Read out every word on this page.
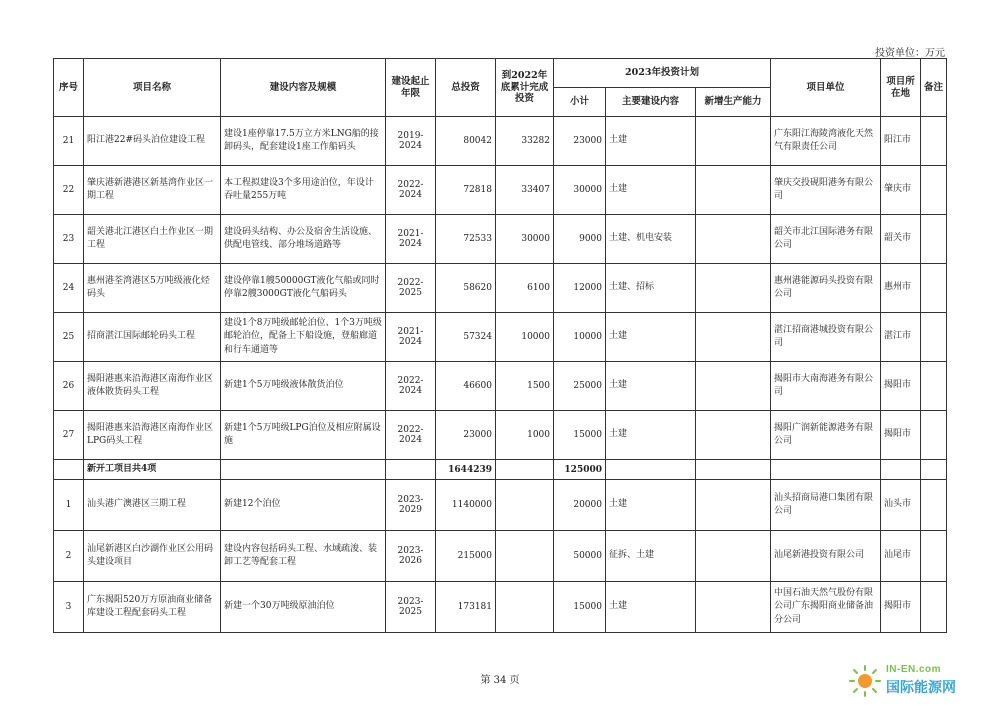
投资单位：万元
序号	项目名称	建设内容及规模	建设起止年限	总投资	到2022年底累计完成投资	2023年投资计划			项目单位	项目所在地	备注
						小计	主要建设内容	新增生产能力			
21	阳江港22#码头泊位建设工程	建设1座停靠17.5万立方米LNG船的接卸码头，配套建设1座工作船码头	2019-2024	80042	33282	23000	土建		广东阳江海陵湾液化天然气有限责任公司	阳江市	
22	肇庆港新港港区新基湾作业区一期工程	本工程拟建设3个多用途泊位，年设计吞吐量255万吨	2022-2024	72818	33407	30000	土建		肇庆交投砚阳港务有限公司	肇庆市	
23	韶关港北江港区白土作业区一期工程	建设码头结构、办公及宿舍生活设施、供配电管线、部分堆场道路等	2021-2024	72533	30000	9000	土建、机电安装		韶关市北江国际港务有限公司	韶关市	
24	惠州港荃湾港区5万吨级液化烃码头	建设停靠1艘50000GT液化气船或同时停靠2艘3000GT液化气船码头	2022-2025	58620	6100	12000	土建、招标		惠州港能源码头投资有限公司	惠州市	
25	招商湛江国际邮轮码头工程	建设1个8万吨级邮轮泊位、1个3万吨级邮轮泊位，配备上下船设施，登船廊道和行车通道等	2021-2024	57324	10000	10000	土建		湛江招商港城投资有限公司	湛江市	
26	揭阳港惠来沿海港区南海作业区液体散货码头工程	新建1个5万吨级液体散货泊位	2022-2024	46600	1500	25000	土建		揭阳市大南海港务有限公司	揭阳市	
27	揭阳港惠来沿海港区南海作业区LPG码头工程	新建1个5万吨级LPG泊位及相应附属设施	2022-2024	23000	1000	15000	土建		揭阳广润新能源港务有限公司	揭阳市	
	新开工项目共4项			1644239		125000					
1	汕头港广澳港区三期工程	新建12个泊位	2023-2029	1140000		20000	土建		汕头招商局港口集团有限公司	汕头市	
2	汕尾新港区白沙湖作业区公用码头建设项目	建设内容包括码头工程、水域疏浚、装卸工艺等配套工程	2023-2026	215000		50000	征拆、土建		汕尾新港投资有限公司	汕尾市	
3	广东揭阳520万方原油商业储备库建设工程配套码头工程	新建一个30万吨级原油泊位	2023-2025	173181		15000	土建		中国石油天然气股份有限公司广东揭阳商业储备油分公司	揭阳市	
第 34 页
IN-EN.com
国际能源网
